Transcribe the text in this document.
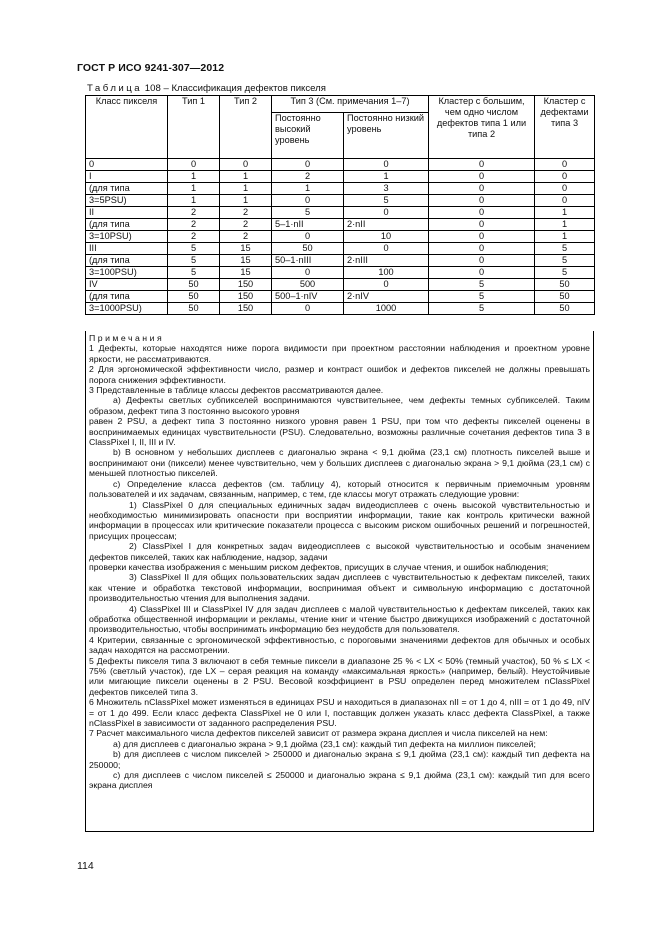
ГОСТ Р ИСО 9241-307—2012
Таблица 108 – Классификация дефектов пикселя
Класс пикселя	Тип 1	Тип 2	Тип 3 (См. примечания 1–7)		Кластер с большим, чем одно числом дефектов типа 1 или типа 2	Кластер с дефектами типа 3
			Постоянно высокий уровень	Постоянно низкий уровень		
0	0	0	0	0	0	0
I	1	1	2	1	0	0
(для типа	1	1	1	3	0	0
3=5PSU)	1	1	0	5	0	0
II	2	2	5	0	0	1
(для типа	2	2	5–1·nII	2·nII	0	1
3=10PSU)	2	2	0	10	0	1
III	5	15	50	0	0	5
(для типа	5	15	50–1·nIII	2·nIII	0	5
3=100PSU)	5	15	0	100	0	5
IV	50	150	500	0	5	50
(для типа	50	150	500–1·nIV	2·nIV	5	50
3=1000PSU)	50	150	0	1000	5	50

Примечания

1 Дефекты, которые находятся ниже порога видимости при проектном расстоянии наблюдения и проектном уровне яркости, не рассматриваются.

2 Для эргономической эффективности число, размер и контраст ошибок и дефектов пикселей не должны превышать порога снижения эффективности.

3 Представленные в таблице классы дефектов рассматриваются далее.

а) Дефекты светлых субпикселей воспринимаются чувствительнее, чем дефекты темных субпикселей. Таким образом, дефект типа 3 постоянно высокого уровня

равен 2 PSU, а дефект типа 3 постоянно низкого уровня равен 1 PSU, при том что дефекты пикселей оценены в воспринимаемых единицах чувствительности (PSU). Следовательно, возможны различные сочетания дефектов типа 3 в ClassPixel I, II, III и IV.

b) В основном у небольших дисплеев с диагональю экрана < 9,1 дюйма (23,1 см) плотность пикселей выше и воспринимают они (пиксели) менее чувствительно, чем у больших дисплеев с диагональю экрана > 9,1 дюйма (23,1 см) с меньшей плотностью пикселей.

c) Определение класса дефектов (см. таблицу 4), который относится к первичным приемочным уровням пользователей и их задачам, связанным, например, с тем, где классы могут отражать следующие уровни:

1) ClassPixel 0 для специальных единичных задач видеодисплеев с очень высокой чувствительностью и необходимостью минимизировать опасности при восприятии информации, такие как контроль критически важной информации в процессах или критические показатели процесса с высоким риском ошибочных решений и погрешностей, присущих процессам;

2) ClassPixel I для конкретных задач видеодисплеев с высокой чувствительностью и особым значением дефектов пикселей, таких как наблюдение, надзор, задачи

проверки качества изображения с меньшим риском дефектов, присущих в случае чтения, и ошибок наблюдения;

3) ClassPixel II для общих пользовательских задач дисплеев с чувствительностью к дефектам пикселей, таких как чтение и обработка текстовой информации, воспринимая объект и символьную информацию с достаточной производительностью чтения для выполнения задачи.

4) ClassPixel III и ClassPixel IV для задач дисплеев с малой чувствительностью к дефектам пикселей, таких как обработка общественной информации и рекламы, чтение книг и чтение быстро движущихся изображений с достаточной производительностью, чтобы воспринимать информацию без неудобств для пользователя.

4 Критерии, связанные с эргономической эффективностью, с пороговыми значениями дефектов для обычных и особых задач находятся на рассмотрении.

5 Дефекты пикселя типа 3 включают в себя темные пиксели в диапазоне 25 % < LX < 50% (темный участок), 50 % ≤ LX < 75% (светлый участок), где LX – серая реакция на команду «максимальная яркость» (например, белый). Неустойчивые или мигающие пиксели оценены в 2 PSU. Весовой коэффициент в PSU определен перед множителем nClassPixel дефектов пикселей типа 3.

6 Множитель nClassPixel может изменяться в единицах PSU и находиться в диапазонах nII = от 1 до 4, nIII = от 1 до 49, nIV = от 1 до 499. Если класс дефекта ClassPixel не 0 или I, поставщик должен указать класс дефекта ClassPixel, а также nClassPixel в зависимости от заданного распределения PSU.

7 Расчет максимального числа дефектов пикселей зависит от размера экрана дисплея и числа пикселей на нем:

а) для дисплеев с диагональю экрана > 9,1 дюйма (23,1 см): каждый тип дефекта на миллион пикселей;

b) для дисплеев с числом пикселей > 250000 и диагональю экрана ≤ 9,1 дюйма (23,1 см): каждый тип дефекта на 250000;

c) для дисплеев с числом пикселей ≤ 250000 и диагональю экрана ≤ 9,1 дюйма (23,1 см): каждый тип для всего экрана дисплея

114
